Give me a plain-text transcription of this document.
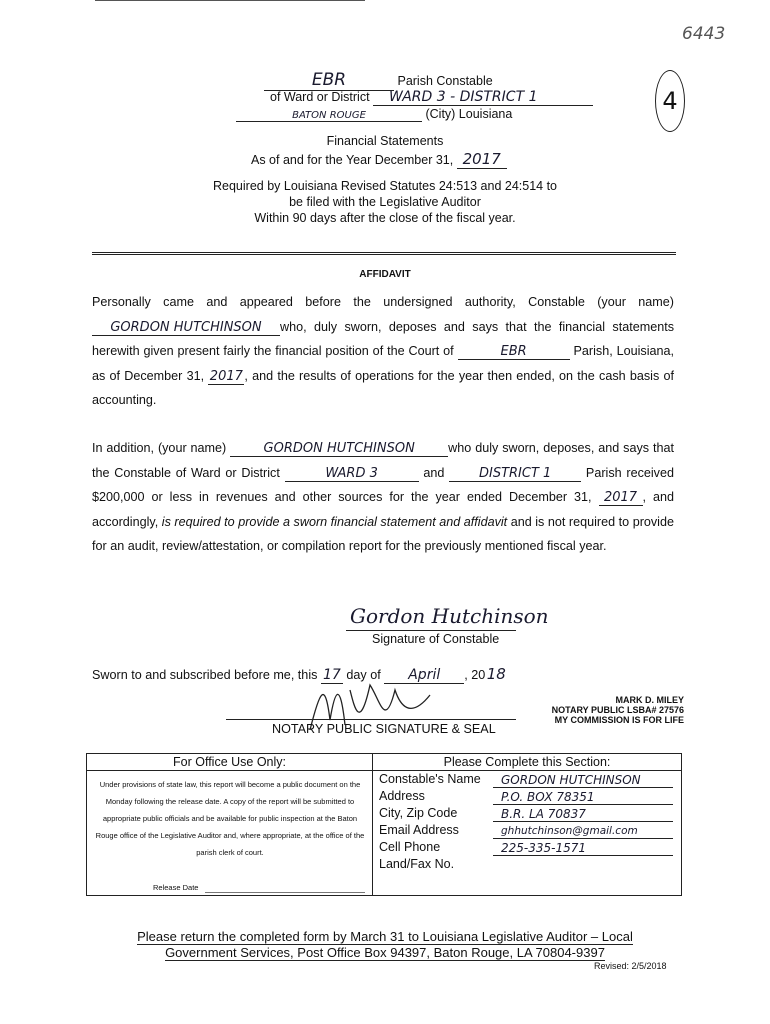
6443
4
EBR	Parish Constable
of Ward or District WARD 3 - DISTRICT 1
BATON ROUGE	(City) Louisiana
Financial Statements
As of and for the Year December 31, 2017
Required by Louisiana Revised Statutes 24:513 and 24:514 to
be filed with the Legislative Auditor
Within 90 days after the close of the fiscal year.
AFFIDAVIT
Personally came and appeared before the undersigned authority, Constable (your name) GORDON HUTCHINSON who, duly sworn, deposes and says that the financial statements herewith given present fairly the financial position of the Court of	EBR	Parish, Louisiana, as of December 31, 2017, and the results of operations for the year then ended, on the cash basis of accounting.
In addition, (your name)	GORDON HUTCHINSON	who duly sworn, deposes, and says that the Constable of Ward or District	WARD 3	and	DISTRICT 1	Parish received $200,000 or less in revenues and other sources for the year ended December 31, 2017 , and accordingly, is required to provide a sworn financial statement and affidavit and is not required to provide for an audit, review/attestation, or compilation report for the previously mentioned fiscal year.
Gordon Hutchinson
Signature of Constable
Sworn to and subscribed before me, this 17 day of April , 2018
NOTARY PUBLIC SIGNATURE & SEAL
MARK D. MILEY
NOTARY PUBLIC LSBA# 27576
MY COMMISSION IS FOR LIFE
For Office Use Only:
Under provisions of state law, this report will become a public document on the Monday following the release date. A copy of the report will be submitted to appropriate public officials and be available for public inspection at the Baton Rouge office of the Legislative Auditor and, where appropriate, at the office of the parish clerk of court.
Release Date
Please Complete this Section:
Constable's Name	GORDON HUTCHINSON
Address	P.O. BOX 78351
City, Zip Code	B.R. LA 70837
Email Address	ghhutchinson@gmail.com
Cell Phone	225-335-1571
Land/Fax No.
Please return the completed form by March 31 to Louisiana Legislative Auditor – Local
Government Services, Post Office Box 94397, Baton Rouge, LA 70804-9397
Revised: 2/5/2018
